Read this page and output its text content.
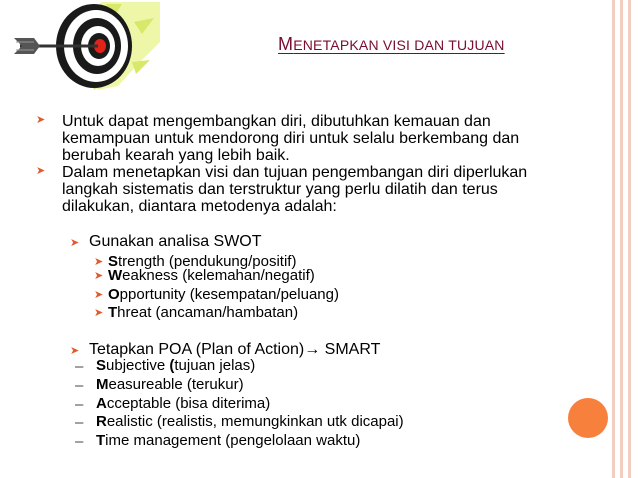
MENETAPKAN VISI DAN TUJUAN
➤ Untuk dapat mengembangkan diri, dibutuhkan kemauan dan
kemampuan untuk mendorong diri untuk selalu berkembang dan
berubah kearah yang lebih baik.
➤ Dalam menetapkan visi dan tujuan pengembangan diri diperlukan
langkah sistematis dan terstruktur yang perlu dilatih dan terus
dilakukan, diantara metodenya adalah:
➤ Gunakan analisa SWOT
➤ Strength (pendukung/positif)
➤ Weakness (kelemahan/negatif)
➤ Opportunity (kesempatan/peluang)
➤ Threat (ancaman/hambatan)
➤ Tetapkan POA (Plan of Action)→ SMART
– Subjective (tujuan jelas)
– Measureable (terukur)
– Acceptable (bisa diterima)
– Realistic (realistis, memungkinkan utk dicapai)
– Time management (pengelolaan waktu)
